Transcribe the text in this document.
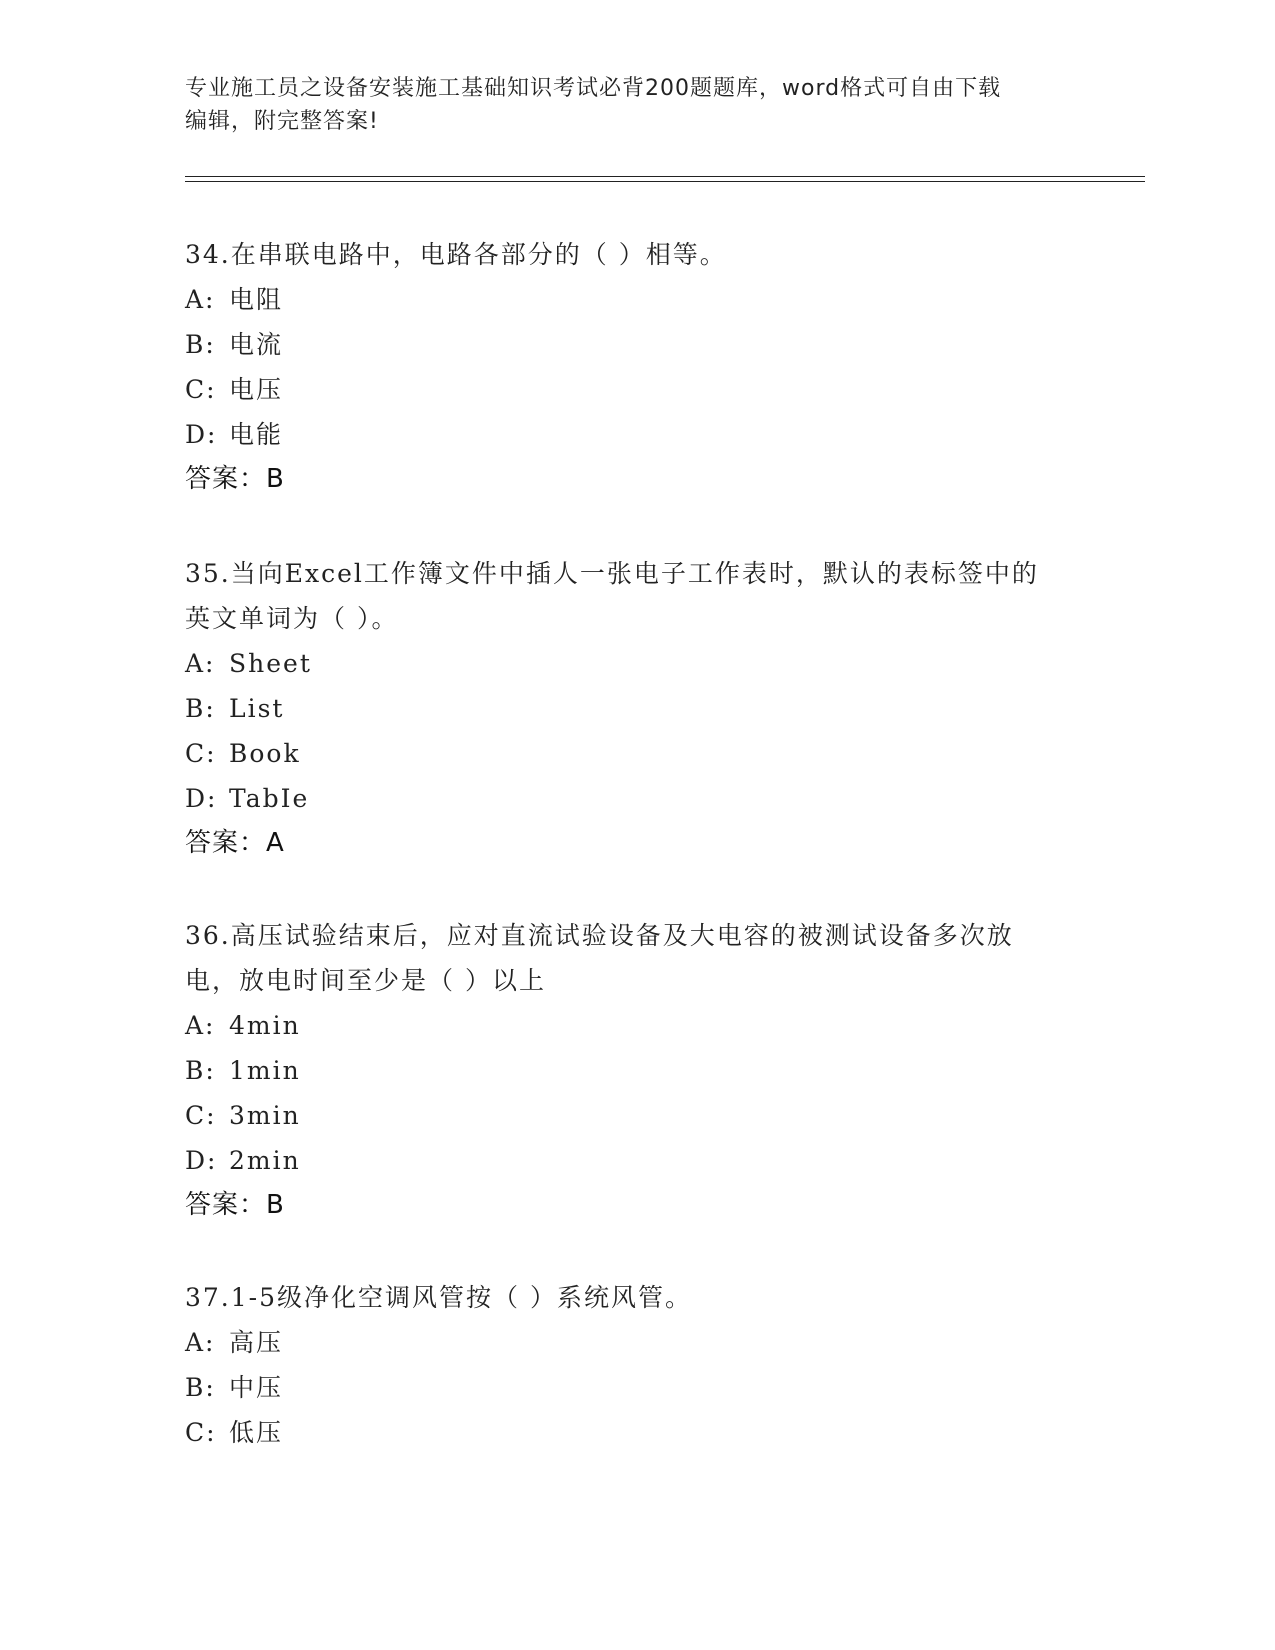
专业施工员之设备安装施工基础知识考试必背200题题库，word格式可自由下载
编辑，附完整答案!
34.在串联电路中，电路各部分的（ ）相等。
A: 电阻
B: 电流
C: 电压
D: 电能
答案：B
35.当向Excel工作簿文件中插人一张电子工作表时，默认的表标签中的英文单词为（ ）。
A: Sheet
B: List
C: Book
D: TabIe
答案：A
36.高压试验结束后，应对直流试验设备及大电容的被测试设备多次放电，放电时间至少是（ ）以上
A: 4min
B: 1min
C: 3min
D: 2min
答案：B
37.1-5级净化空调风管按（ ）系统风管。
A: 高压
B: 中压
C: 低压
